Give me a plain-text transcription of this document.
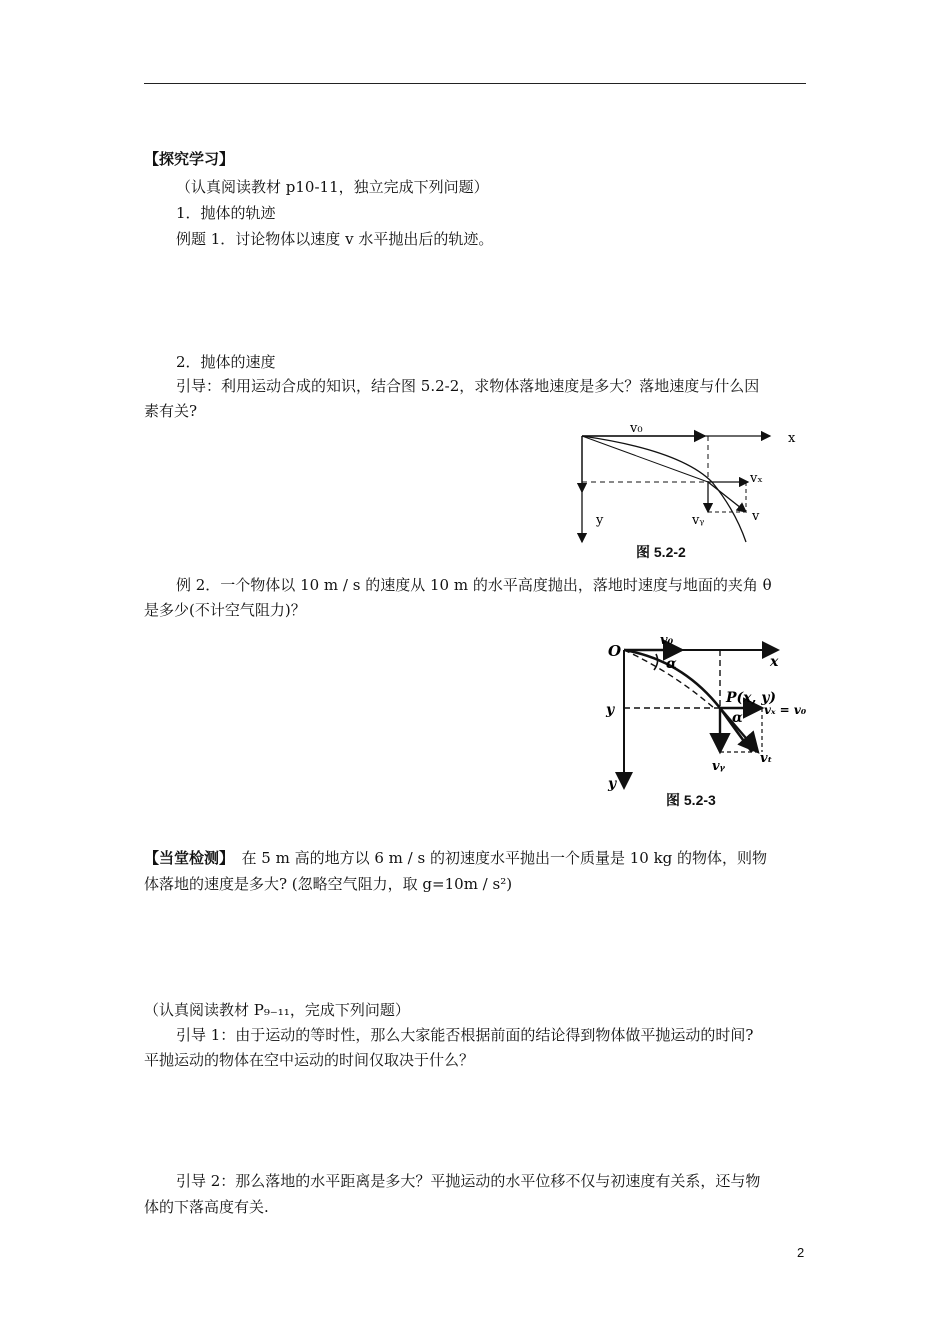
【探究学习】
（认真阅读教材 p10-11，独立完成下列问题）
1．抛体的轨迹
例题 1．讨论物体以速度 v 水平抛出后的轨迹。
2．抛体的速度
引导：利用运动合成的知识，结合图 5.2-2，求物体落地速度是多大？落地速度与什么因
素有关?
v₀
x
vₓ
vᵧ	v
y
图 5.2-2
例 2．一个物体以 10 m / s 的速度从 10 m 的水平高度抛出，落地时速度与地面的夹角 θ
是多少(不计空气阻力)？
O
v₀
α	x
P(x, y)
y	α vₓ = v₀
vᵧ
vₜ
y
图 5.2-3
【当堂检测】　在 5 m 高的地方以 6 m / s 的初速度水平抛出一个质量是 10 kg 的物体，则物
体落地的速度是多大? (忽略空气阻力，取 g=10m / s²)
（认真阅读教材 P₉₋₁₁，完成下列问题）
引导 1：由于运动的等时性，那么大家能否根据前面的结论得到物体做平抛运动的时间?
平抛运动的物体在空中运动的时间仅取决于什么？
引导 2：那么落地的水平距离是多大？平抛运动的水平位移不仅与初速度有关系，还与物
体的下落高度有关.
2
